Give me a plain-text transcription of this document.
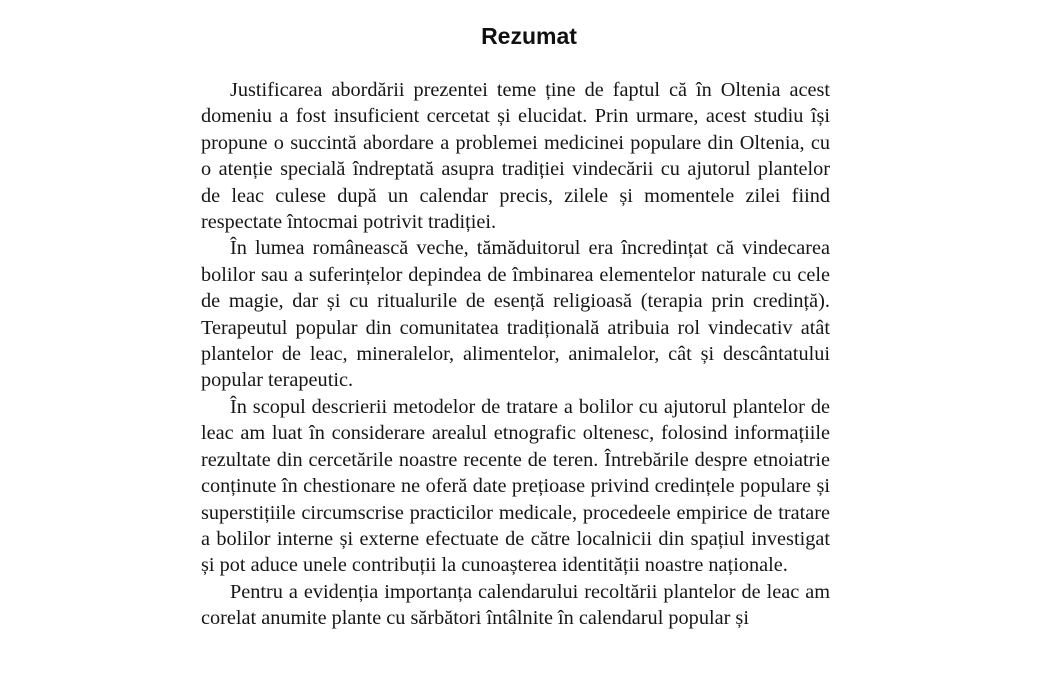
Rezumat

Justificarea abordării prezentei teme ține de faptul că în Oltenia acest domeniu a fost insuficient cercetat și elucidat. Prin urmare, acest studiu își propune o succintă abordare a problemei medicinei populare din Oltenia, cu o atenție specială îndreptată asupra tradiției vindecării cu ajutorul plantelor de leac culese după un calendar precis, zilele și momentele zilei fiind respectate întocmai potrivit tradiției.

În lumea românească veche, tămăduitorul era încredințat că vindecarea bolilor sau a suferințelor depindea de îmbinarea elementelor naturale cu cele de magie, dar și cu ritualurile de esență religioasă (terapia prin credință). Terapeutul popular din comunitatea tradițională atribuia rol vindecativ atât plantelor de leac, mineralelor, alimentelor, animalelor, cât și descântatului popular terapeutic.

În scopul descrierii metodelor de tratare a bolilor cu ajutorul plantelor de leac am luat în considerare arealul etnografic oltenesc, folosind informațiile rezultate din cercetările noastre recente de teren. Întrebările despre etnoiatrie conținute în chestionare ne oferă date prețioase privind credințele populare și superstițiile circumscrise practicilor medicale, procedeele empirice de tratare a bolilor interne și externe efectuate de către localnicii din spațiul investigat și pot aduce unele contribuții la cunoașterea identității noastre naționale.

Pentru a evidenția importanța calendarului recoltării plantelor de leac am corelat anumite plante cu sărbători întâlnite în calendarul popular și
